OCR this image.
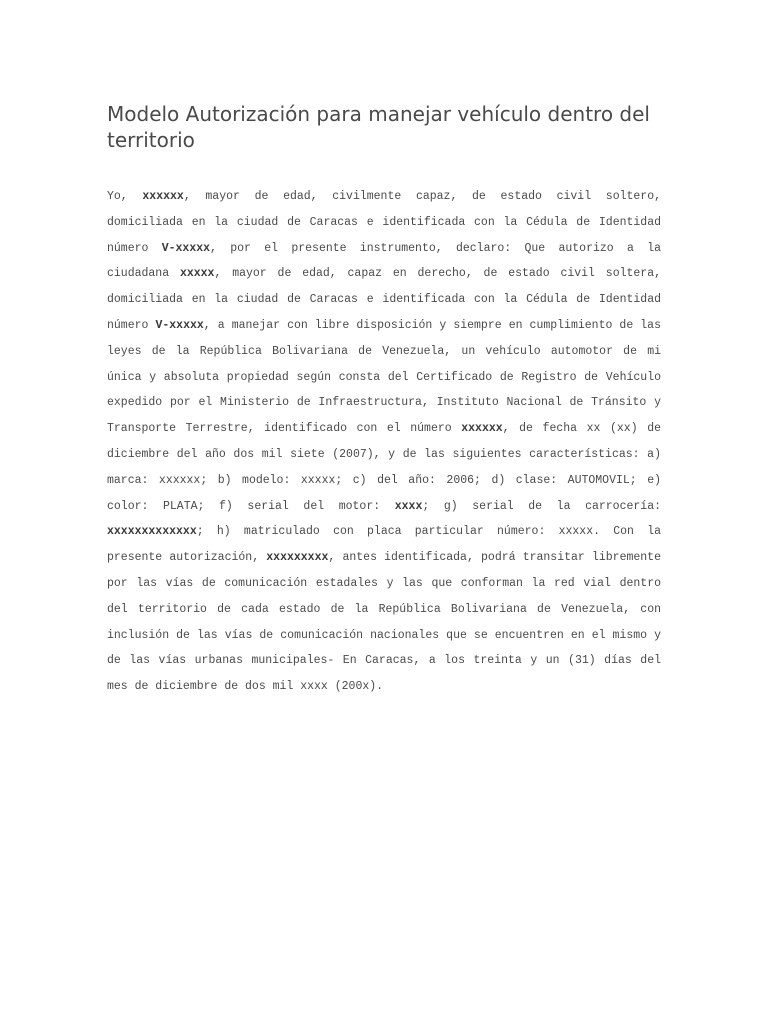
Modelo Autorización para manejar vehículo dentro del territorio

Yo, xxxxxx, mayor de edad, civilmente capaz, de estado civil soltero, domiciliada en la ciudad de Caracas e identificada con la Cédula de Identidad número V-xxxxx, por el presente instrumento, declaro: Que autorizo a la ciudadana xxxxx, mayor de edad, capaz en derecho, de estado civil soltera, domiciliada en la ciudad de Caracas e identificada con la Cédula de Identidad número V-xxxxx, a manejar con libre disposición y siempre en cumplimiento de las leyes de la República Bolivariana de Venezuela, un vehículo automotor de mi única y absoluta propiedad según consta del Certificado de Registro de Vehículo expedido por el Ministerio de Infraestructura, Instituto Nacional de Tránsito y Transporte Terrestre, identificado con el número xxxxxx, de fecha xx (xx) de diciembre del año dos mil siete (2007), y de las siguientes características: a) marca: xxxxxx; b) modelo: xxxxx; c) del año: 2006; d) clase: AUTOMOVIL; e) color: PLATA; f) serial del motor: xxxx; g) serial de la carrocería: xxxxxxxxxxxxx; h) matriculado con placa particular número: xxxxx. Con la presente autorización, xxxxxxxxx, antes identificada, podrá transitar libremente por las vías de comunicación estadales y las que conforman la red vial dentro del territorio de cada estado de la República Bolivariana de Venezuela, con inclusión de las vías de comunicación nacionales que se encuentren en el mismo y de las vías urbanas municipales- En Caracas, a los treinta y un (31) días del mes de diciembre de dos mil xxxx (200x).
